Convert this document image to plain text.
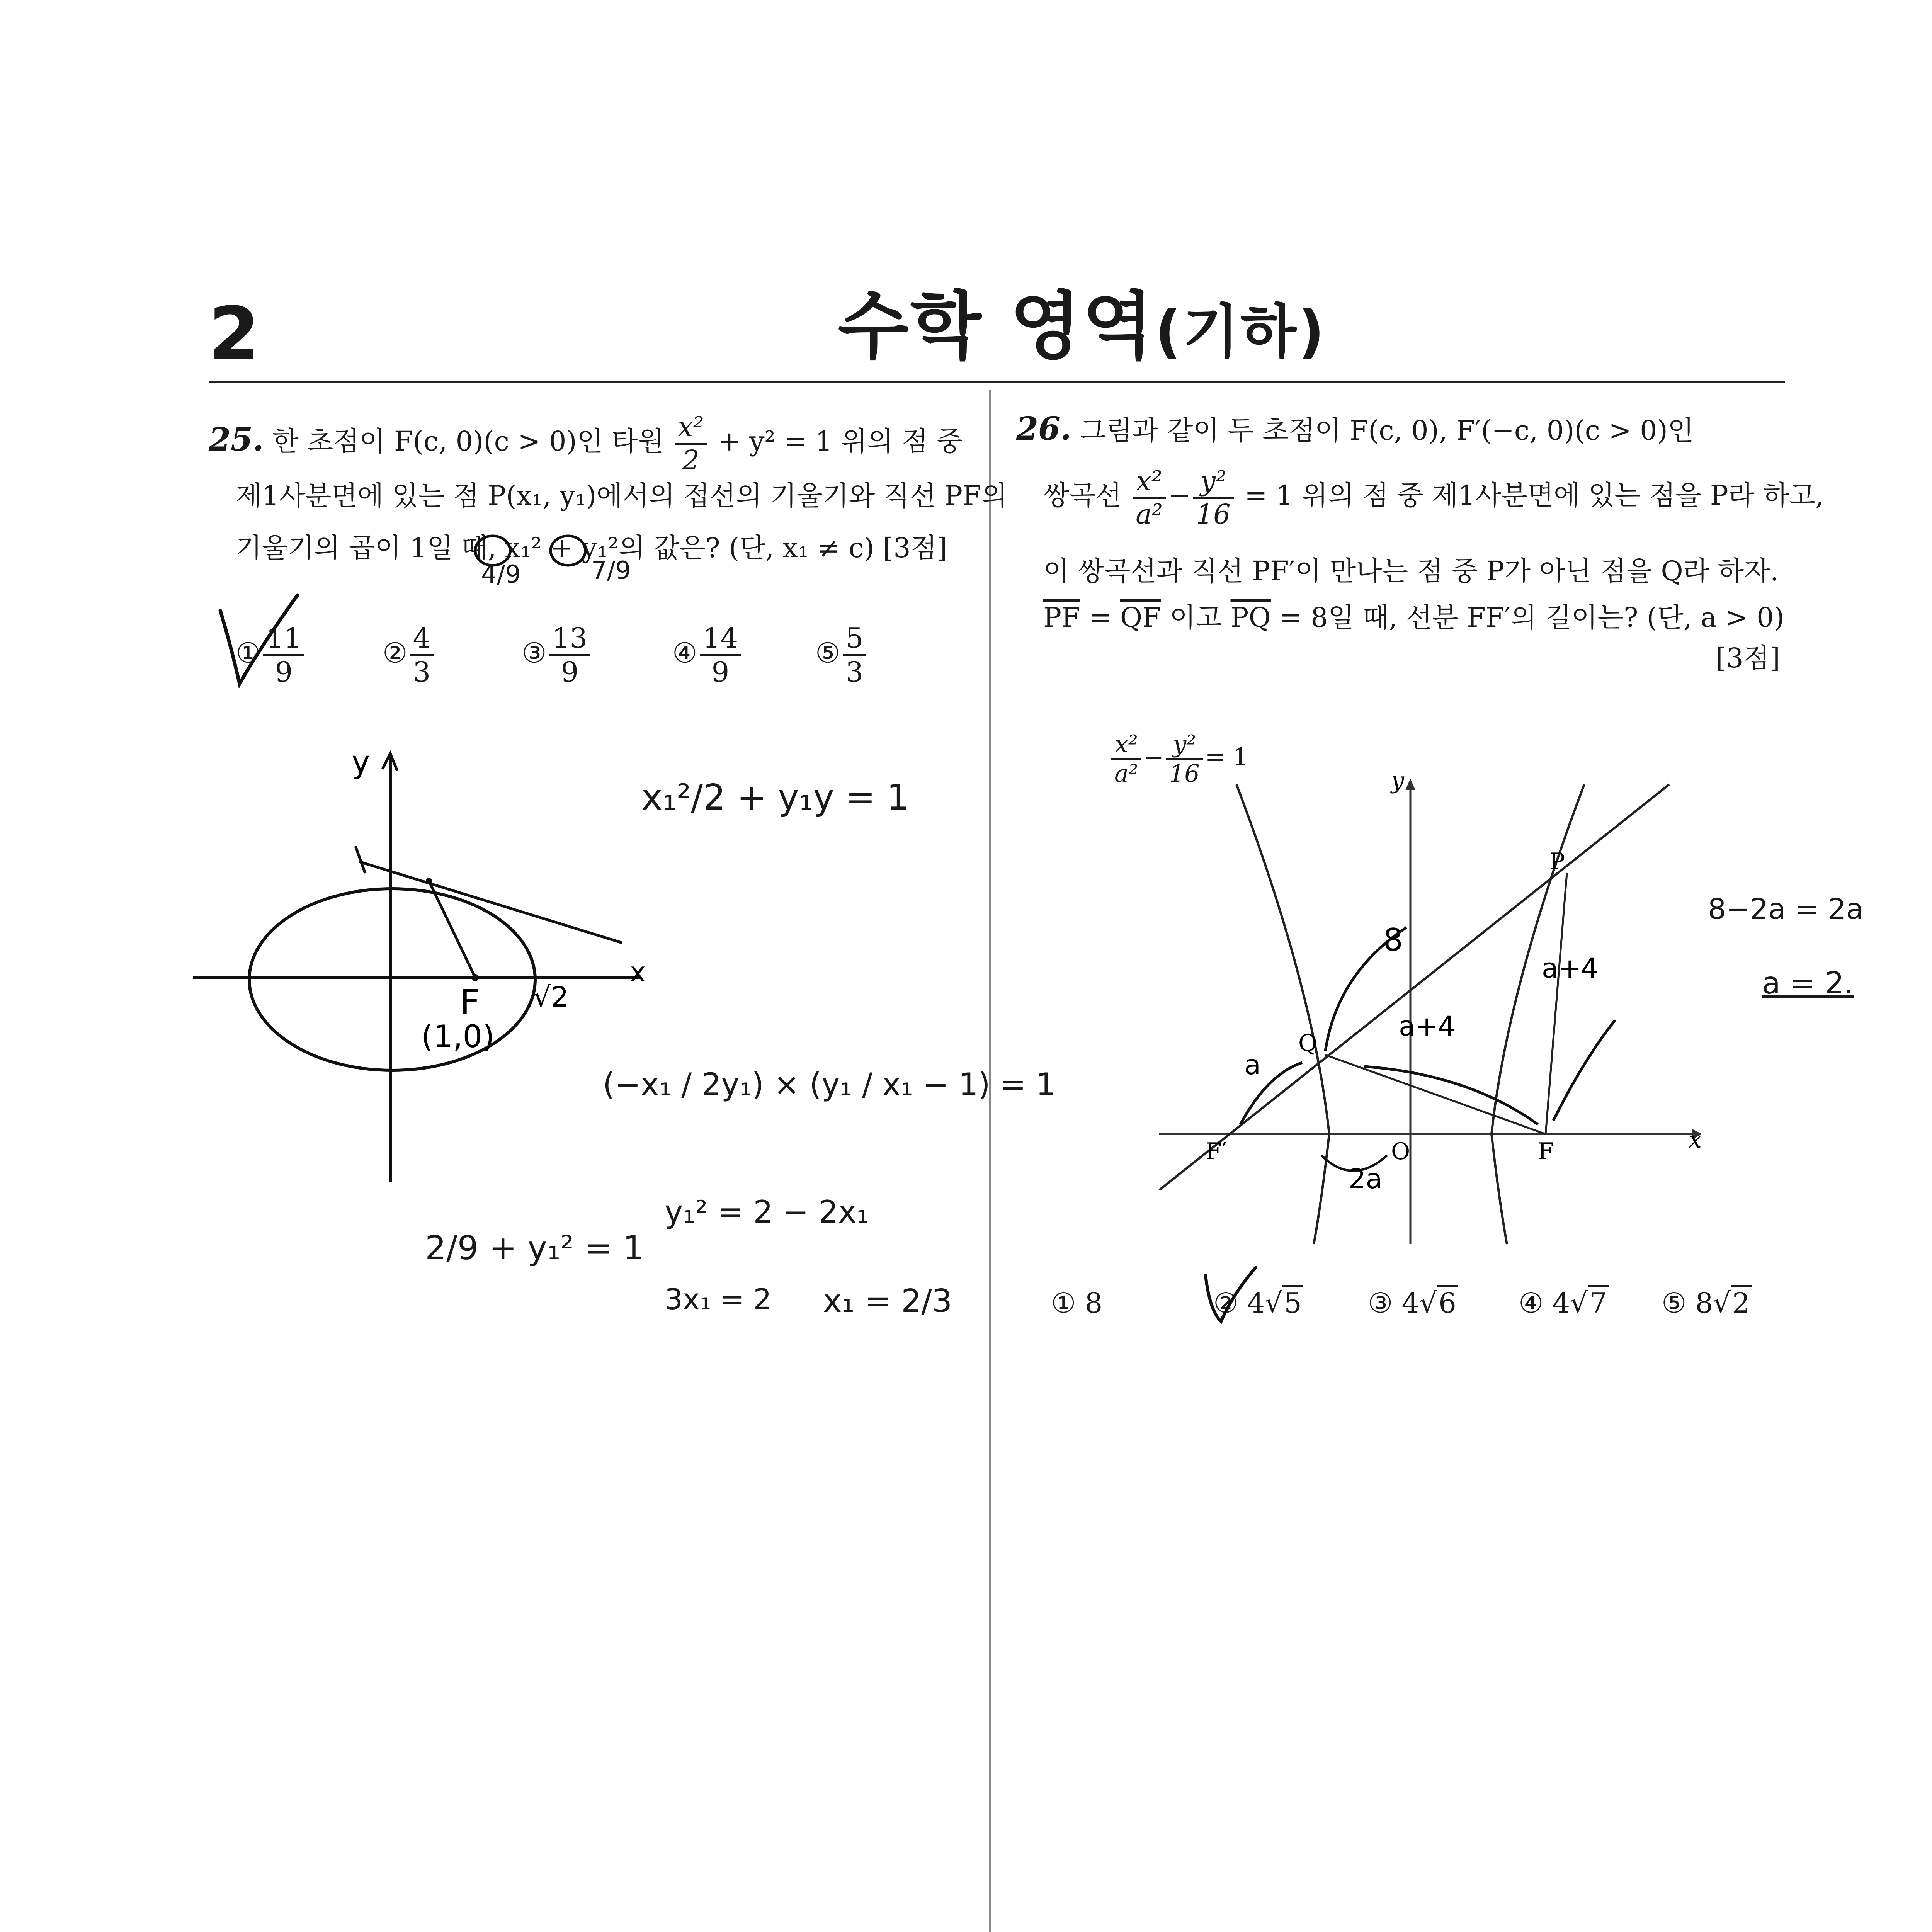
2	수학 영역(기하)
25. 한 초점이 F(c, 0)(c > 0)인 타원 $\frac{\text{x²}}{2} + y^2 = 1$ 위의 점 중
제1사분면에 있는 점 P(x₁, y₁)에서의 접선의 기울기와 직선 PF의
기울기의 곱이 1일 때, x₁² + y₁²의 값은? (단, x₁ ≠ c) [3점]
① $\frac{11}{9}$	② $\frac{4}{3}$	③ $\frac{13}{9}$	④ $\frac{14}{9}$	⑤ $\frac{5}{3}$
4/9	7/9
y
x
F
(1,0)
√2
x₁²/2 + y₁y = 1
(−x₁ / 2y₁) × (y₁ / x₁ − 1) = 1
2/9 + y₁² = 1
y₁² = 2 − 2x₁
3x₁ = 2 x₁ = 2/3
26. 그림과 같이 두 초점이 F(c, 0), F′(−c, 0)(c > 0)인
쌍곡선 $\frac{\text{x²}}{\text{a²}} - \frac{\text{y²}}{16} = 1$ 위의 점 중 제1사분면에 있는 점을 P라 하고,
이 쌍곡선과 직선 PF′이 만나는 점 중 P가 아닌 점을 Q라 하자.
$\overline{PF} = \overline{QF}$ 이고 $\overline{PQ} = 8$일 때, 선분 FF′의 길이는? (단, a > 0)
[3점]
$\frac{\text{x²}}{\text{a²}} - \frac{\text{y²}}{16} = 1$
P
Q
O	F
F′
y
x
8
a+4
a+4
a
2a
8−2a = 2a
a = 2.
① 8	② 4√5 ③ 4√6 ④ 4√7 ⑤ 8√2
